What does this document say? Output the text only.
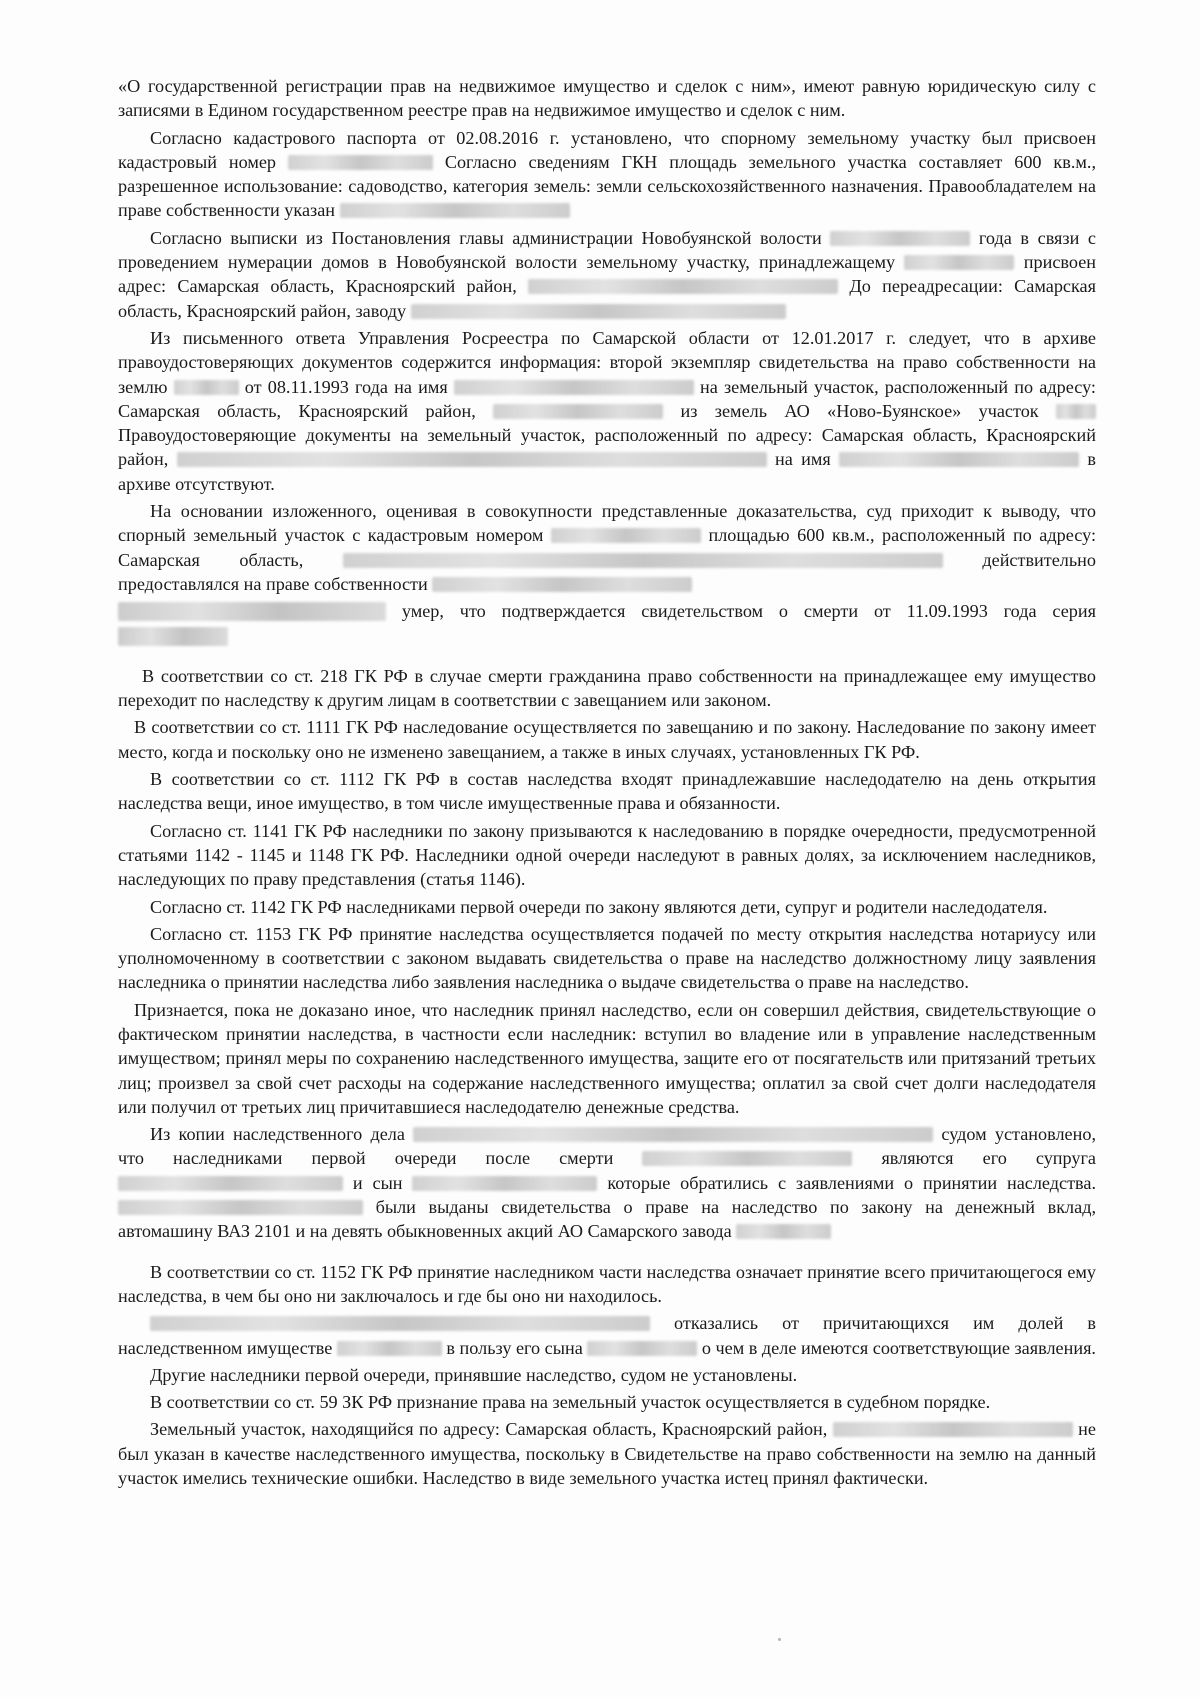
«О государственной регистрации прав на недвижимое имущество и сделок с ним», имеют равную юридическую силу с записями в Едином государственном реестре прав на недвижимое имущество и сделок с ним.

Согласно кадастрового паспорта от 02.08.2016 г. установлено, что спорному земельному участку был присвоен кадастровый номер	Согласно сведениям ГКН площадь земельного участка составляет 600 кв.м., разрешенное использование: садоводство, категория земель: земли сельскохозяйственного назначения. Правообладателем на праве собственности указан

Согласно выписки из Постановления главы администрации Новобуянской волости	года в связи с проведением нумерации домов в Новобуянской волости земельному участку, принадлежащему	присвоен адрес: Самарская область, Красноярский район,	До переадресации: Самарская область, Красноярский район, заводу

Из письменного ответа Управления Росреестра по Самарской области от 12.01.2017 г. следует, что в архиве правоудостоверяющих документов содержится информация: второй экземпляр свидетельства на право собственности на землю	от 08.11.1993 года на имя	на земельный участок, расположенный по адресу: Самарская область, Красноярский район,	из земель АО «Ново-Буянское» участок  Правоудостоверяющие документы на земельный участок, расположенный по адресу: Самарская область, Красноярский район,	на имя	в архиве отсутствуют.

На основании изложенного, оценивая в совокупности представленные доказательства, суд приходит к выводу, что спорный земельный участок с кадастровым номером	площадью 600 кв.м., расположенный по адресу: Самарская область,	действительно предоставлялся на праве собственности

умер, что подтверждается свидетельством о смерти от 11.09.1993 года серия

В соответствии со ст. 218 ГК РФ в случае смерти гражданина право собственности на принадлежащее ему имущество переходит по наследству к другим лицам в соответствии с завещанием или законом.

В соответствии со ст. 1111 ГК РФ наследование осуществляется по завещанию и по закону. Наследование по закону имеет место, когда и поскольку оно не изменено завещанием, а также в иных случаях, установленных ГК РФ.

В соответствии со ст. 1112 ГК РФ в состав наследства входят принадлежавшие наследодателю на день открытия наследства вещи, иное имущество, в том числе имущественные права и обязанности.

Согласно ст. 1141 ГК РФ наследники по закону призываются к наследованию в порядке очередности, предусмотренной статьями 1142 - 1145 и 1148 ГК РФ. Наследники одной очереди наследуют в равных долях, за исключением наследников, наследующих по праву представления (статья 1146).

Согласно ст. 1142 ГК РФ наследниками первой очереди по закону являются дети, супруг и родители наследодателя.

Согласно ст. 1153 ГК РФ принятие наследства осуществляется подачей по месту открытия наследства нотариусу или уполномоченному в соответствии с законом выдавать свидетельства о праве на наследство должностному лицу заявления наследника о принятии наследства либо заявления наследника о выдаче свидетельства о праве на наследство.

Признается, пока не доказано иное, что наследник принял наследство, если он совершил действия, свидетельствующие о фактическом принятии наследства, в частности если наследник: вступил во владение или в управление наследственным имуществом; принял меры по сохранению наследственного имущества, защите его от посягательств или притязаний третьих лиц; произвел за свой счет расходы на содержание наследственного имущества; оплатил за свой счет долги наследодателя или получил от третьих лиц причитавшиеся наследодателю денежные средства.

Из копии наследственного дела	судом установлено, что наследниками первой очереди после смерти	являются его супруга  и сын	которые обратились с заявлениями о принятии наследства.  были выданы свидетельства о праве на наследство по закону на денежный вклад, автомашину ВАЗ 2101 и на девять обыкновенных акций АО Самарского завода

В соответствии со ст. 1152 ГК РФ принятие наследником части наследства означает принятие всего причитающегося ему наследства, в чем бы оно ни заключалось и где бы оно ни находилось.

отказались от причитающихся им долей в наследственном имуществе	в пользу его сына	о чем в деле имеются соответствующие заявления.

Другие наследники первой очереди, принявшие наследство, судом не установлены.

В соответствии со ст. 59 ЗК РФ признание права на земельный участок осуществляется в судебном порядке.

Земельный участок, находящийся по адресу: Самарская область, Красноярский район,	не был указан в качестве наследственного имущества, поскольку в Свидетельстве на право собственности на землю на данный участок имелись технические ошибки. Наследство в виде земельного участка истец принял фактически.
